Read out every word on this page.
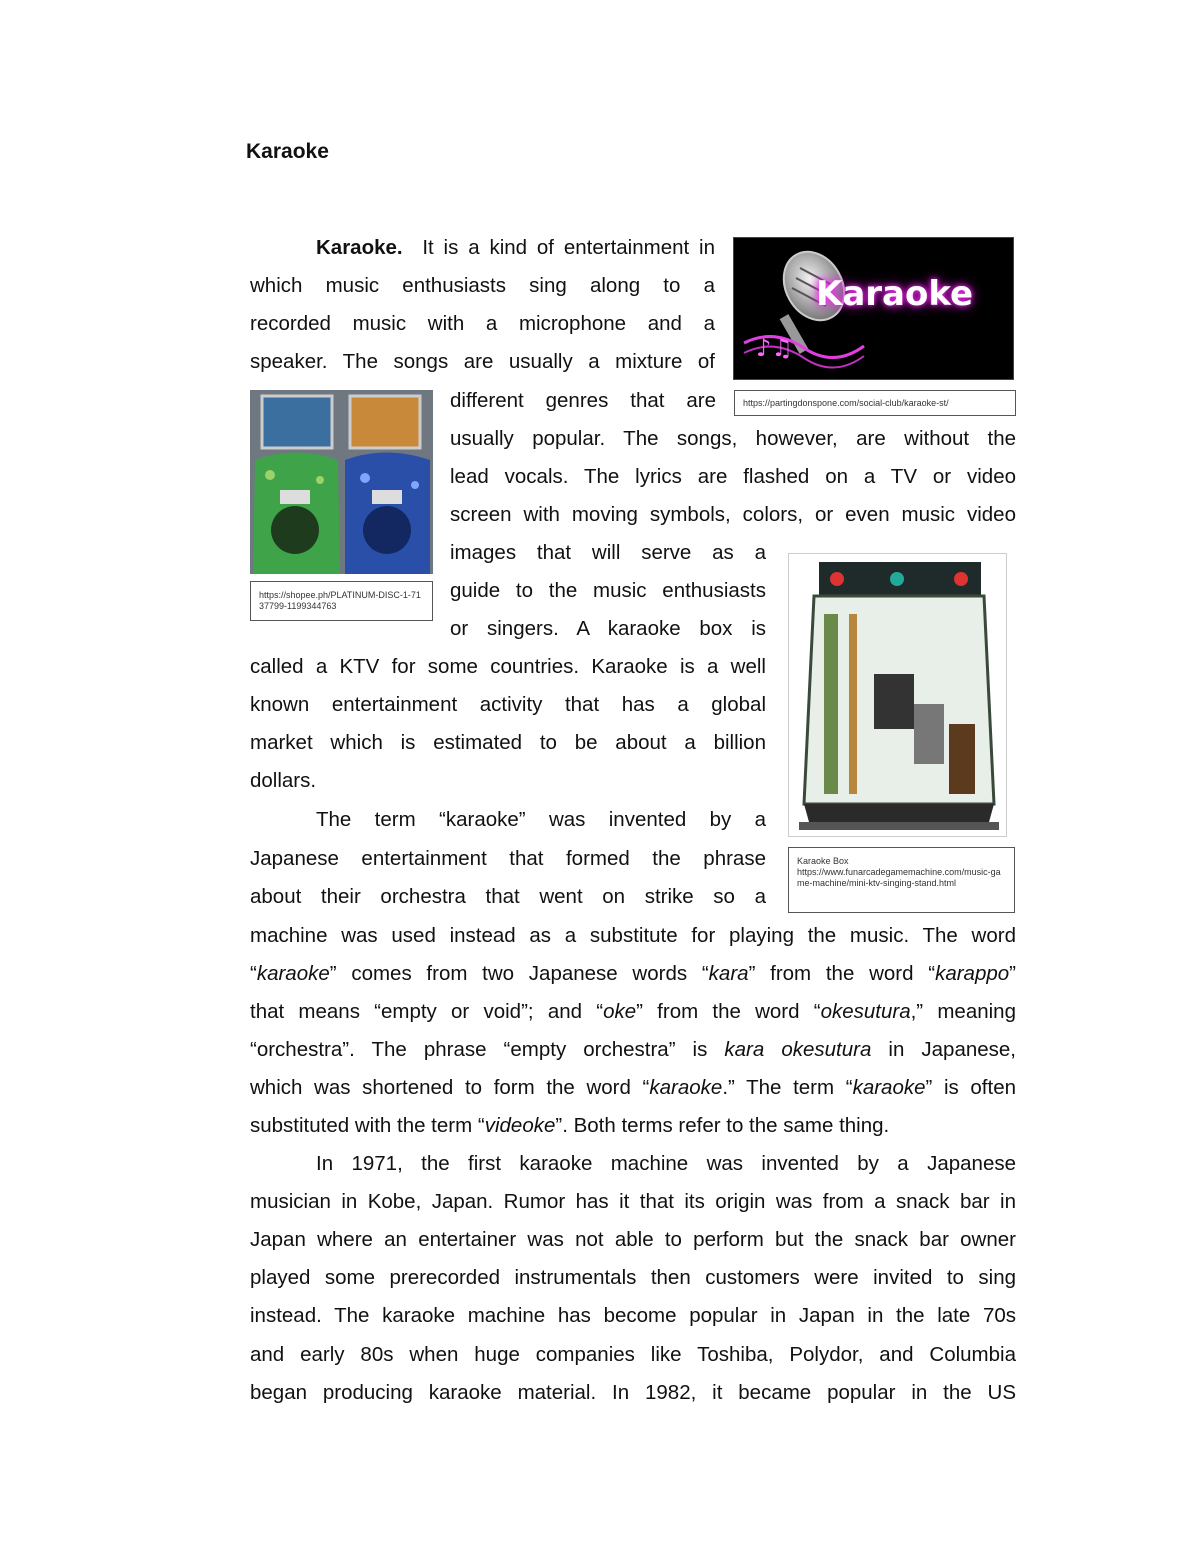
Karaoke
♪♫
Karaoke
https://partingdonspone.com/social-club/karaoke-st/
https://shopee.ph/PLATINUM-DISC-1-7137799-1199344763
Karaoke Box
https://www.funarcadegamemachine.com/music-game-machine/mini-ktv-singing-stand.html
Karaoke. It is a kind of entertainment in
which music enthusiasts sing along to a
recorded music with a microphone and a
speaker. The songs are usually a mixture of
different genres that are
usually popular. The songs, however, are without the
lead vocals. The lyrics are flashed on a TV or video
screen with moving symbols, colors, or even music video
images that will serve as a
guide to the music enthusiasts
or singers. A karaoke box is
called a KTV for some countries. Karaoke is a well
known entertainment activity that has a global
market which is estimated to be about a billion
dollars.
The term “karaoke” was invented by a
Japanese entertainment that formed the phrase
about their orchestra that went on strike so a
machine was used instead as a substitute for playing the music. The word
“karaoke” comes from two Japanese words “kara” from the word “karappo”
that means “empty or void”; and “oke” from the word “okesutura,” meaning
“orchestra”. The phrase “empty orchestra” is kara okesutura in Japanese,
which was shortened to form the word “karaoke.” The term “karaoke” is often
substituted with the term “videoke”. Both terms refer to the same thing.
In 1971, the first karaoke machine was invented by a Japanese
musician in Kobe, Japan. Rumor has it that its origin was from a snack bar in
Japan where an entertainer was not able to perform but the snack bar owner
played some prerecorded instrumentals then customers were invited to sing
instead. The karaoke machine has become popular in Japan in the late 70s
and early 80s when huge companies like Toshiba, Polydor, and Columbia
began producing karaoke material. In 1982, it became popular in the US
